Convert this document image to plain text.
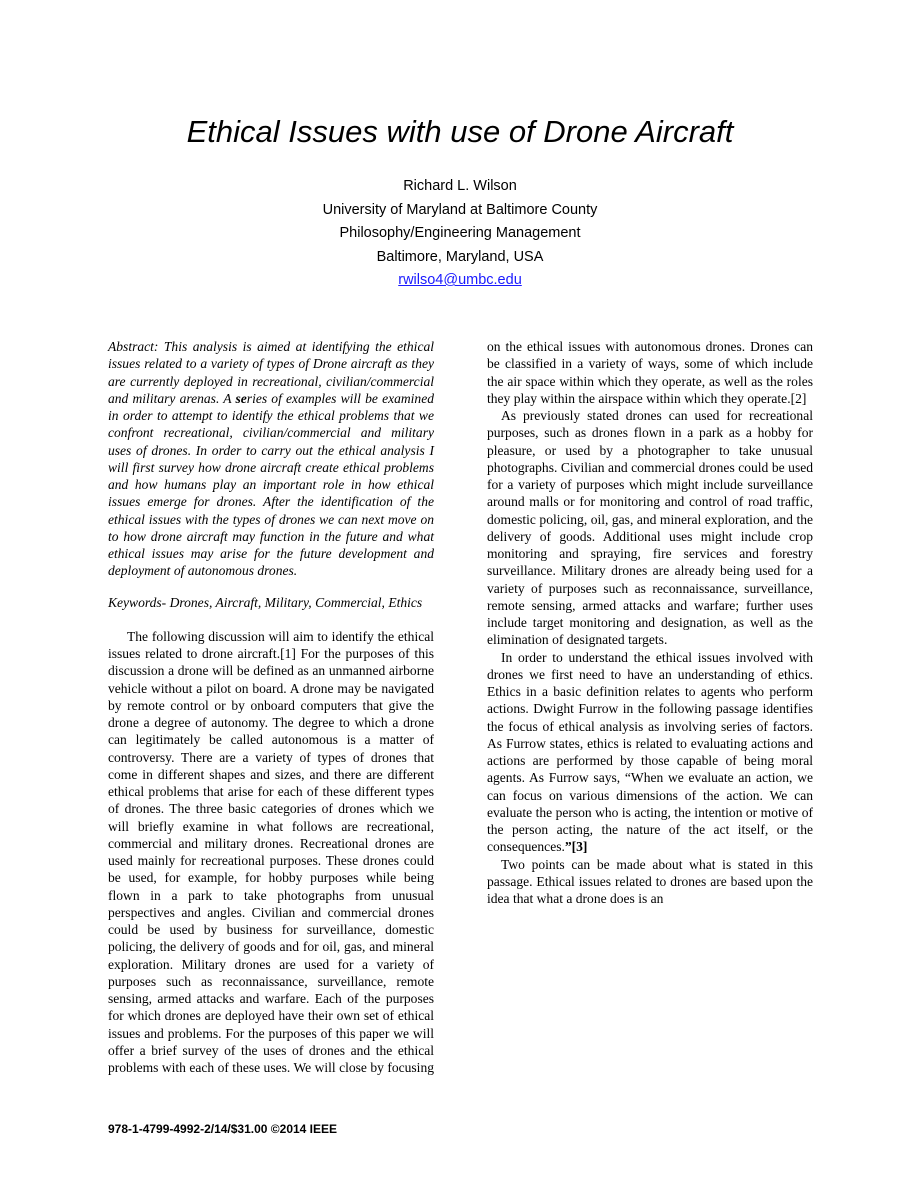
Ethical Issues with use of Drone Aircraft
Richard L. Wilson
University of Maryland at Baltimore County
Philosophy/Engineering Management
Baltimore, Maryland, USA
rwilso4@umbc.edu

Abstract: This analysis is aimed at identifying the ethical issues related to a variety of types of Drone aircraft as they are currently deployed in recreational, civilian/commercial and military arenas. A series of examples will be examined in order to attempt to identify the ethical problems that we confront recreational, civilian/commercial and military uses of drones. In order to carry out the ethical analysis I will first survey how drone aircraft create ethical problems and how humans play an important role in how ethical issues emerge for drones. After the identification of the ethical issues with the types of drones we can next move on to how drone aircraft may function in the future and what ethical issues may arise for the future development and deployment of autonomous drones.

Keywords- Drones, Aircraft, Military, Commercial, Ethics

The following discussion will aim to identify the ethical issues related to drone aircraft.[1] For the purposes of this discussion a drone will be defined as an unmanned airborne vehicle without a pilot on board. A drone may be navigated by remote control or by onboard computers that give the drone a degree of autonomy. The degree to which a drone can legitimately be called autonomous is a matter of controversy. There are a variety of types of drones that come in different shapes and sizes, and there are different ethical problems that arise for each of these different types of drones. The three basic categories of drones which we will briefly examine in what follows are recreational, commercial and military drones. Recreational drones are used mainly for recreational purposes. These drones could be used, for example, for hobby purposes while being flown in a park to take photographs from unusual perspectives and angles. Civilian and commercial drones could be used by business for surveillance, domestic policing, the delivery of goods and for oil, gas, and mineral exploration. Military drones are used for a variety of purposes such as reconnaissance, surveillance, remote sensing, armed attacks and warfare. Each of the purposes for which drones are deployed have their own set of ethical issues and problems. For the purposes of this paper we will offer a brief survey of the uses of drones and the ethical problems with each of these uses. We will close by focusing

on the ethical issues with autonomous drones. Drones can be classified in a variety of ways, some of which include the air space within which they operate, as well as the roles they play within the airspace within which they operate.[2]

As previously stated drones can used for recreational purposes, such as drones flown in a park as a hobby for pleasure, or used by a photographer to take unusual photographs. Civilian and commercial drones could be used for a variety of purposes which might include surveillance around malls or for monitoring and control of road traffic, domestic policing, oil, gas, and mineral exploration, and the delivery of goods. Additional uses might include crop monitoring and spraying, fire services and forestry surveillance. Military drones are already being used for a variety of purposes such as reconnaissance, surveillance, remote sensing, armed attacks and warfare; further uses include target monitoring and designation, as well as the elimination of designated targets.

In order to understand the ethical issues involved with drones we first need to have an understanding of ethics. Ethics in a basic definition relates to agents who perform actions. Dwight Furrow in the following passage identifies the focus of ethical analysis as involving series of factors. As Furrow states, ethics is related to evaluating actions and actions are performed by those capable of being moral agents. As Furrow says, “When we evaluate an action, we can focus on various dimensions of the action. We can evaluate the person who is acting, the intention or motive of the person acting, the nature of the act itself, or the consequences.”[3]

Two points can be made about what is stated in this passage. Ethical issues related to drones are based upon the idea that what a drone does is an

978-1-4799-4992-2/14/$31.00 ©2014 IEEE
